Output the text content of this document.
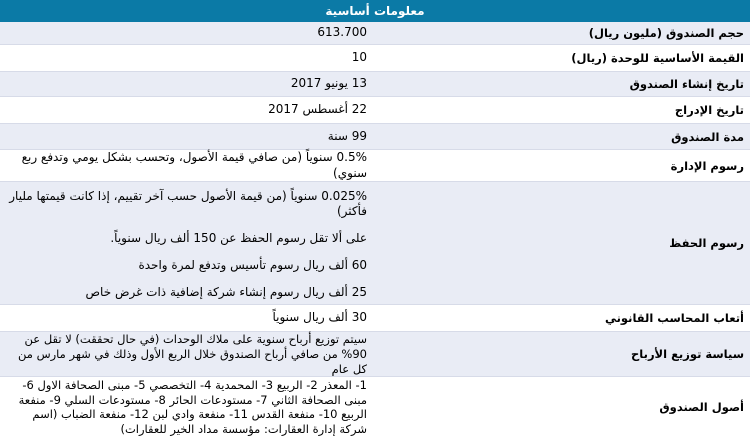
معلومات أساسية	
حجم الصندوق (مليون ريال)	613.700
القيمة الأساسية للوحدة (ريال)	10
تاريخ إنشاء الصندوق	13 يونيو 2017
تاريخ الإدراج	22 أغسطس 2017
مدة الصندوق	99 سنة
رسوم الإدارة	0.5% سنوياً (من صافي قيمة الأصول، وتحسب بشكل يومي وتدفع ربع سنوي)
رسوم الحفظ	0.025% سنوياً (من قيمة الأصول حسب آخر تقييم، إذا كانت قيمتها مليار فأكثر)
على ألا تقل رسوم الحفظ عن 150 ألف ريال سنوياً.
60 ألف ريال رسوم تأسيس وتدفع لمرة واحدة
25 ألف ريال رسوم إنشاء شركة إضافية ذات غرض خاص

أتعاب المحاسب القانوني	30 ألف ريال سنوياً
سياسة توزيع الأرباح	سيتم توزيع أرباح سنوية على ملاك الوحدات (في حال تحققت) لا تقل عن 90% من صافي أرباح الصندوق خلال الربع الأول وذلك في شهر مارس من كل عام
أصول الصندوق	1- المعذر 2- الربيع 3- المحمدية 4- التخصصي 5- مبنى الصحافة الاول 6- مبنى الصحافة الثاني 7- مستودعات الحائر 8- مستودعات السلي 9- منفعة الربيع 10- منفعة القدس 11- منفعة وادي لبن 12- منفعة الضباب (اسم شركة إدارة العقارات: مؤسسة مداد الخير للعقارات)
